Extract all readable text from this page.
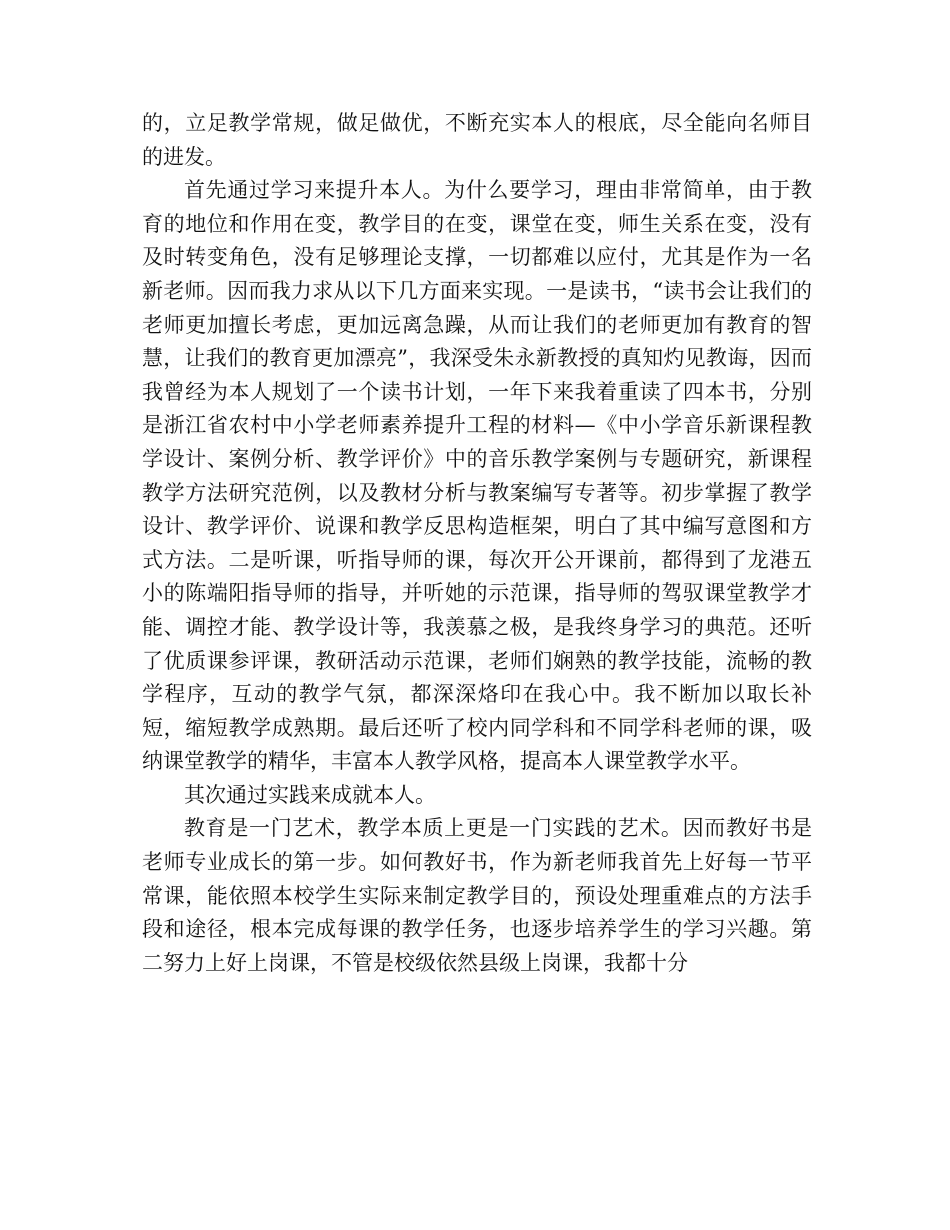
的，立足教学常规，做足做优，不断充实本人的根底，尽全能向名师目的进发。

首先通过学习来提升本人。为什么要学习，理由非常简单，由于教育的地位和作用在变，教学目的在变，课堂在变，师生关系在变，没有及时转变角色，没有足够理论支撑，一切都难以应付，尤其是作为一名新老师。因而我力求从以下几方面来实现。一是读书，“读书会让我们的老师更加擅长考虑，更加远离急躁，从而让我们的老师更加有教育的智慧，让我们的教育更加漂亮”，我深受朱永新教授的真知灼见教诲，因而我曾经为本人规划了一个读书计划，一年下来我着重读了四本书，分别是浙江省农村中小学老师素养提升工程的材料—《中小学音乐新课程教学设计、案例分析、教学评价》中的音乐教学案例与专题研究，新课程教学方法研究范例，以及教材分析与教案编写专著等。初步掌握了教学设计、教学评价、说课和教学反思构造框架，明白了其中编写意图和方式方法。二是听课，听指导师的课，每次开公开课前，都得到了龙港五小的陈端阳指导师的指导，并听她的示范课，指导师的驾驭课堂教学才能、调控才能、教学设计等，我羡慕之极，是我终身学习的典范。还听了优质课参评课，教研活动示范课，老师们娴熟的教学技能，流畅的教学程序，互动的教学气氛，都深深烙印在我心中。我不断加以取长补短，缩短教学成熟期。最后还听了校内同学科和不同学科老师的课，吸纳课堂教学的精华，丰富本人教学风格，提高本人课堂教学水平。

其次通过实践来成就本人。

教育是一门艺术，教学本质上更是一门实践的艺术。因而教好书是老师专业成长的第一步。如何教好书，作为新老师我首先上好每一节平常课，能依照本校学生实际来制定教学目的，预设处理重难点的方法手段和途径，根本完成每课的教学任务，也逐步培养学生的学习兴趣。第二努力上好上岗课，不管是校级依然县级上岗课，我都十分
